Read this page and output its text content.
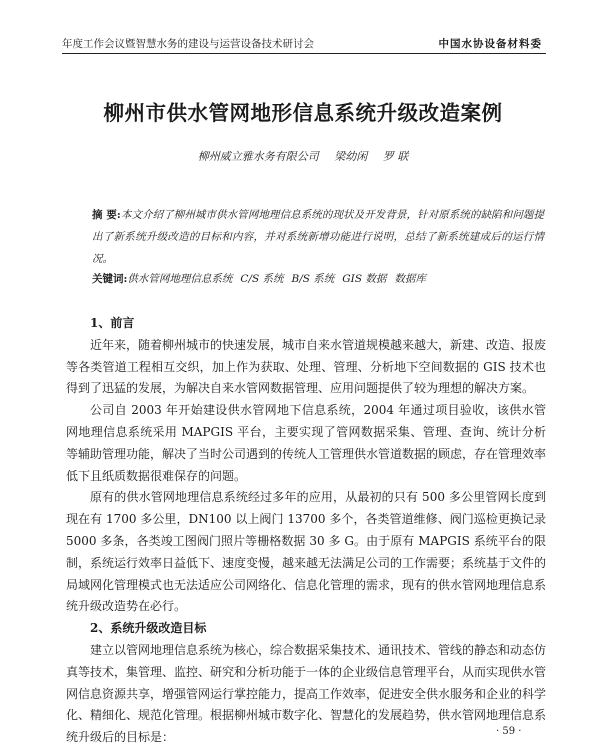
年度工作会议暨智慧水务的建设与运营设备技术研讨会	中国水协设备材料委
柳州市供水管网地形信息系统升级改造案例
柳州威立雅水务有限公司 梁幼闲 罗 联
摘 要:本文介绍了柳州城市供水管网地理信息系统的现状及开发背景，针对原系统的缺陷和问题提出了新系统升级改造的目标和内容，并对系统新增功能进行说明，总结了新系统建成后的运行情况。
关键词:供水管网地理信息系统 C/S 系统 B/S 系统 GIS 数据 数据库
1、前言

近年来，随着柳州城市的快速发展，城市自来水管道规模越来越大，新建、改造、报废等各类管道工程相互交织，加上作为获取、处理、管理、分析地下空间数据的 GIS 技术也得到了迅猛的发展，为解决自来水管网数据管理、应用问题提供了较为理想的解决方案。

公司自 2003 年开始建设供水管网地下信息系统，2004 年通过项目验收，该供水管网地理信息系统采用 MAPGIS 平台，主要实现了管网数据采集、管理、查询、统计分析 等辅助管理功能，解决了当时公司遇到的传统人工管理供水管道数据的顾虑，存在管理效率低下且纸质数据很难保存的问题。

原有的供水管网地理信息系统经过多年的应用，从最初的只有 500 多公里管网长度到现在有 1700 多公里，DN100 以上阀门 13700 多个，各类管道维修、阀门巡检更换记录 5000 多条，各类竣工图阀门照片等栅格数据 30 多 G。由于原有 MAPGIS 系统平台的限制，系统运行效率日益低下、速度变慢，越来越无法满足公司的工作需要；系统基于文件的局域网化管理模式也无法适应公司网络化、信息化管理的需求，现有的供水管网地理信息系统升级改造势在必行。

2、系统升级改造目标

建立以管网地理信息系统为核心，综合数据采集技术、通讯技术、管线的静态和动态仿真等技术，集管理、监控、研究和分析功能于一体的企业级信息管理平台，从而实现供水管网信息资源共享，增强管网运行掌控能力，提高工作效率，促进安全供水服务和企业的科学化、精细化、规范化管理。根据柳州城市数字化、智慧化的发展趋势，供水管网地理信息系统升级后的目标是：	· 59 ·
